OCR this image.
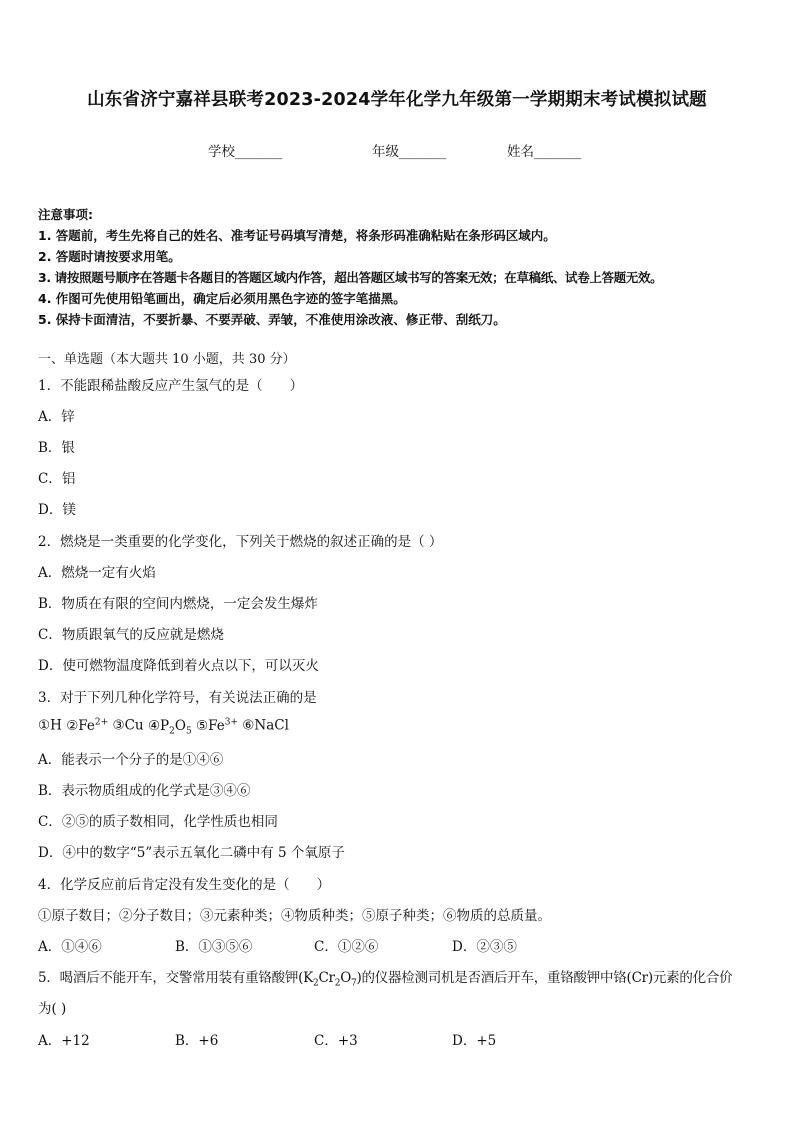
山东省济宁嘉祥县联考2023-2024学年化学九年级第一学期期末考试模拟试题
学校_______	年级_______	姓名_______
注意事项:
1. 答题前，考生先将自己的姓名、准考证号码填写清楚，将条形码准确粘贴在条形码区域内。
2. 答题时请按要求用笔。
3. 请按照题号顺序在答题卡各题目的答题区域内作答，超出答题区域书写的答案无效；在草稿纸、试卷上答题无效。
4. 作图可先使用铅笔画出，确定后必须用黑色字迹的签字笔描黑。
5. 保持卡面清洁，不要折暴、不要弄破、弄皱，不准使用涂改液、修正带、刮纸刀。
一、单选题（本大题共 10 小题，共 30 分）
1．不能跟稀盐酸反应产生氢气的是（　　）
A．锌
B．银
C．铝
D．镁
2．燃烧是一类重要的化学变化，下列关于燃烧的叙述正确的是（ ）
A．燃烧一定有火焰
B．物质在有限的空间内燃烧，一定会发生爆炸
C．物质跟氧气的反应就是燃烧
D．使可燃物温度降低到着火点以下，可以灭火
3．对于下列几种化学符号，有关说法正确的是
①H $②Fe^{2+}$ ③Cu $④P_2O_5$ $⑤Fe^{3+}$ ⑥NaCl
A．能表示一个分子的是①④⑥
B．表示物质组成的化学式是③④⑥
C．②⑤的质子数相同，化学性质也相同
D．④中的数字“5”表示五氧化二磷中有 5 个氧原子
4．化学反应前后肯定没有发生变化的是（　　）
①原子数目；②分子数目；③元素种类；④物质种类；⑤原子种类；⑥物质的总质量。
A．①④⑥	B．①③⑤⑥	C．①②⑥	D．②③⑤
5．喝酒后不能开车，交警常用装有重铬酸钾$(K_2Cr_2O_7)$的仪器检测司机是否酒后开车，重铬酸钾中铬(Cr)元素的化合价
为( )
A．+12	B．+6	C．+3	D．+5
